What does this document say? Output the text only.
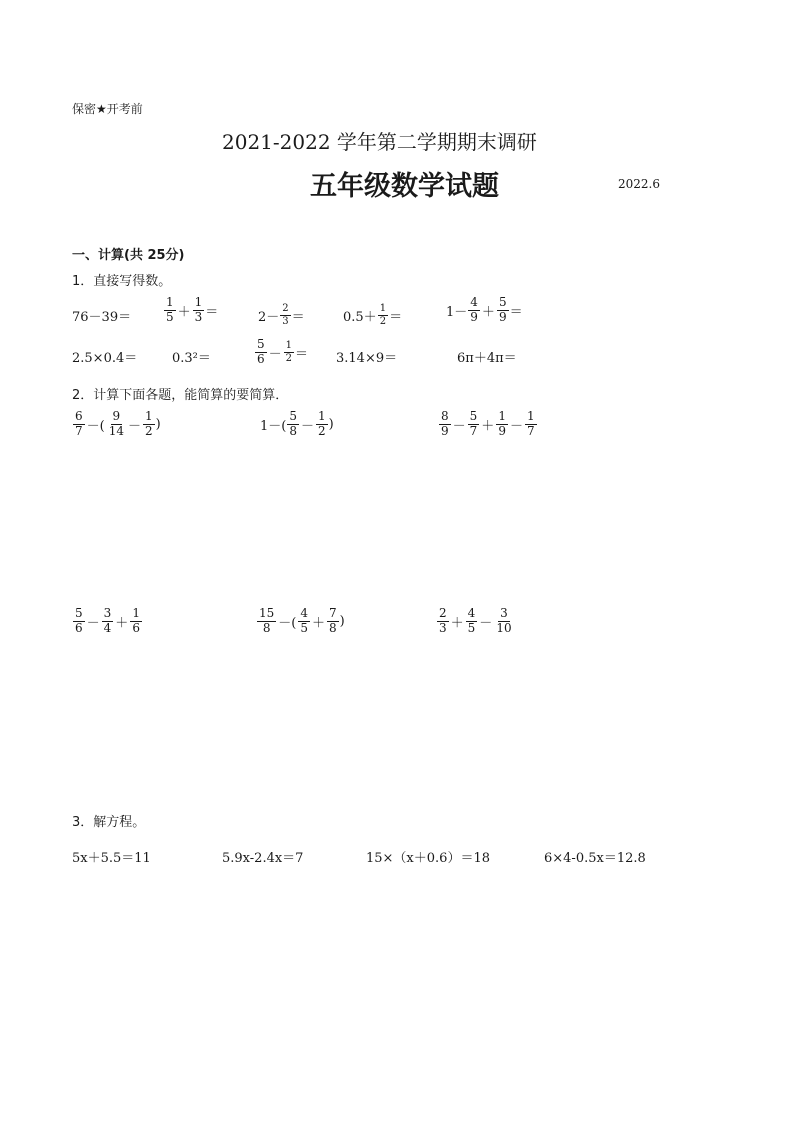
保密★开考前
2021-2022 学年第二学期期末调研
五年级数学试题	2022.6
一、计算(共 25分)
1．直接写得数。
76－39＝	$\frac{1}{5} + \frac{1}{3}$ ＝	$2- \frac{2}{3}$ ＝	$0.5+ \frac{1}{2}$ ＝	$1- \frac{4}{9} + \frac{5}{9}$ ＝
2.5×0.4＝	0.3²＝	$\frac{5}{6} - \frac{1}{2} = 3.14\times 9=$	6π＋4π＝
2．计算下面各题，能简算的要简算．
$\frac{6}{7}$ －( $\frac{9}{14} - \frac{1}{2}$ )	$1-( \frac{5}{8} - \frac{1}{2}$ )	$\frac{8}{9} - \frac{5}{7} + \frac{1}{9} - \frac{1}{7}$
$\frac{5}{6} - \frac{3}{4} + \frac{1}{6}$	$\frac{15}{8}$ －( $\frac{4}{5} + \frac{7}{8}$ )	$\frac{2}{3} + \frac{4}{5} - \frac{3}{10}$
3．解方程。
5x＋5.5＝11	5.9x-2.4x＝7	15×（x＋0.6）＝18	6×4-0.5x＝12.8
